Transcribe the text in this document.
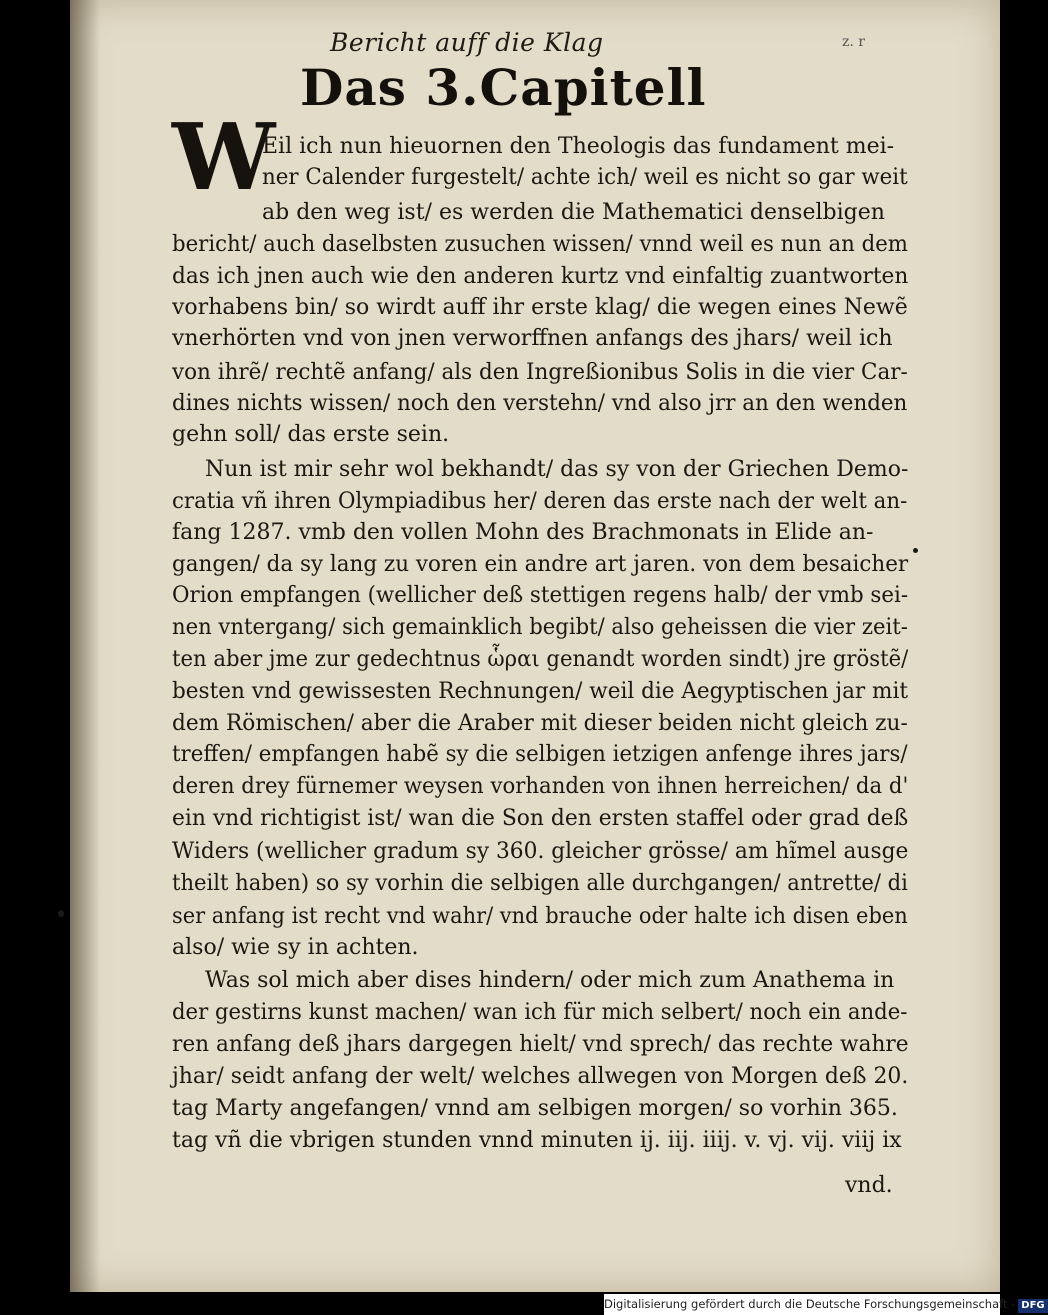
Bericht auff die Klag	z. r
Das 3.Capitell
W
Eil ich nun hieuornen den Theologis das fundament mei-
ner Calender furgestelt/ achte ich/ weil es nicht so gar weit
ab den weg ist/ es werden die Mathematici denselbigen
bericht/ auch daselbsten zusuchen wissen/ vnnd weil es nun an dem
das ich jnen auch wie den anderen kurtz vnd einfaltig zuantworten
vorhabens bin/ so wirdt auff ihr erste klag/ die wegen eines Newẽ
vnerhörten vnd von jnen verworffnen anfangs des jhars/ weil ich
von ihrẽ/ rechtẽ anfang/ als den Ingreßionibus Solis in die vier Car-
dines nichts wissen/ noch den verstehn/ vnd also jrr an den wenden
gehn soll/ das erste sein.
Nun ist mir sehr wol bekhandt/ das sy von der Griechen Demo-
cratia vñ ihren Olympiadibus her/ deren das erste nach der welt an-
fang 1287. vmb den vollen Mohn des Brachmonats in Elide an-
gangen/ da sy lang zu voren ein andre art jaren. von dem besaicher
Orion empfangen (wellicher deß stettigen regens halb/ der vmb sei-
nen vntergang/ sich gemainklich begibt/ also geheissen die vier zeit-
ten aber jme zur gedechtnus ὧραι genandt worden sindt) jre gröstẽ/
besten vnd gewissesten Rechnungen/ weil die Aegyptischen jar mit
dem Römischen/ aber die Araber mit dieser beiden nicht gleich zu-
treffen/ empfangen habẽ sy die selbigen ietzigen anfenge ihres jars/
deren drey fürnemer weysen vorhanden von ihnen herreichen/ da d'
ein vnd richtigist ist/ wan die Son den ersten staffel oder grad deß
Widers (wellicher gradum sy 360. gleicher grösse/ am hĩmel ausge
theilt haben) so sy vorhin die selbigen alle durchgangen/ antrette/ di
ser anfang ist recht vnd wahr/ vnd brauche oder halte ich disen eben
also/ wie sy in achten.
Was sol mich aber dises hindern/ oder mich zum Anathema in
der gestirns kunst machen/ wan ich für mich selbert/ noch ein ande-
ren anfang deß jhars dargegen hielt/ vnd sprech/ das rechte wahre
jhar/ seidt anfang der welt/ welches allwegen von Morgen deß 20.
tag Marty angefangen/ vnnd am selbigen morgen/ so vorhin 365.
tag vñ die vbrigen stunden vnnd minuten ij. iij. iiij. v. vj. vij. viij ix
vnd.
Digitalisierung gefördert durch die Deutsche Forschungsgemeinschaft - DFG
